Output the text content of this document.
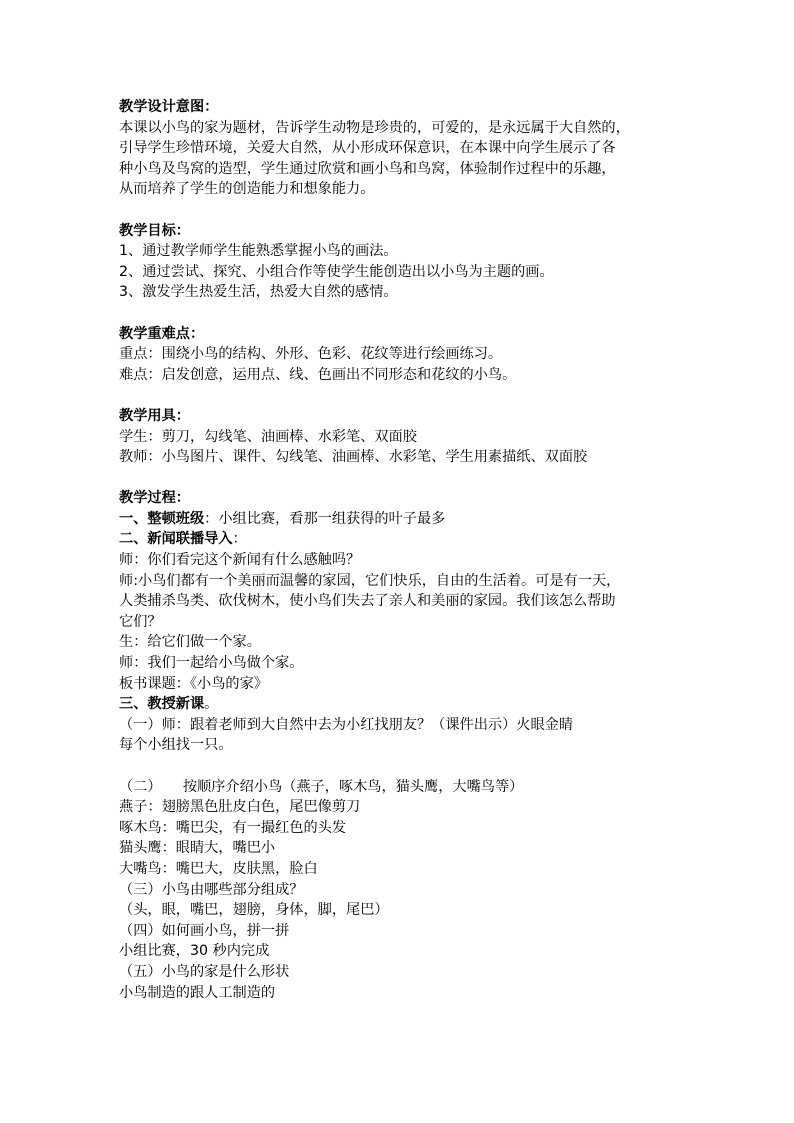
教学设计意图：
本课以小鸟的家为题材，告诉学生动物是珍贵的，可爱的，是永远属于大自然的，
引导学生珍惜环境，关爱大自然，从小形成环保意识，在本课中向学生展示了各
种小鸟及鸟窝的造型，学生通过欣赏和画小鸟和鸟窝，体验制作过程中的乐趣，
从而培养了学生的创造能力和想象能力。
教学目标：
1、通过教学师学生能熟悉掌握小鸟的画法。
2、通过尝试、探究、小组合作等使学生能创造出以小鸟为主题的画。
3、激发学生热爱生活，热爱大自然的感情。
教学重难点：
重点：围绕小鸟的结构、外形、色彩、花纹等进行绘画练习。
难点：启发创意，运用点、线、色画出不同形态和花纹的小鸟。
教学用具：
学生：剪刀，勾线笔、油画棒、水彩笔、双面胶
教师：小鸟图片、课件、勾线笔、油画棒、水彩笔、学生用素描纸、双面胶
教学过程：
一、整顿班级：小组比赛，看那一组获得的叶子最多
二、新闻联播导入：
师：你们看完这个新闻有什么感触吗？
师:小鸟们都有一个美丽而温馨的家园，它们快乐，自由的生活着。可是有一天，
人类捕杀鸟类、砍伐树木，使小鸟们失去了亲人和美丽的家园。我们该怎么帮助
它们？
生：给它们做一个家。
师：我们一起给小鸟做个家。
板书课题：《小鸟的家》
三、教授新课。
（一）师：跟着老师到大自然中去为小红找朋友？（课件出示）火眼金睛
每个小组找一只。
（二）　　按顺序介绍小鸟（燕子，啄木鸟，猫头鹰，大嘴鸟等）
燕子：翅膀黑色肚皮白色，尾巴像剪刀
啄木鸟：嘴巴尖，有一撮红色的头发
猫头鹰：眼睛大，嘴巴小
大嘴鸟：嘴巴大，皮肤黑，脸白
（三）小鸟由哪些部分组成？
（头，眼，嘴巴，翅膀，身体，脚，尾巴）
（四）如何画小鸟，拼一拼
小组比赛，30 秒内完成
（五）小鸟的家是什么形状
小鸟制造的跟人工制造的
